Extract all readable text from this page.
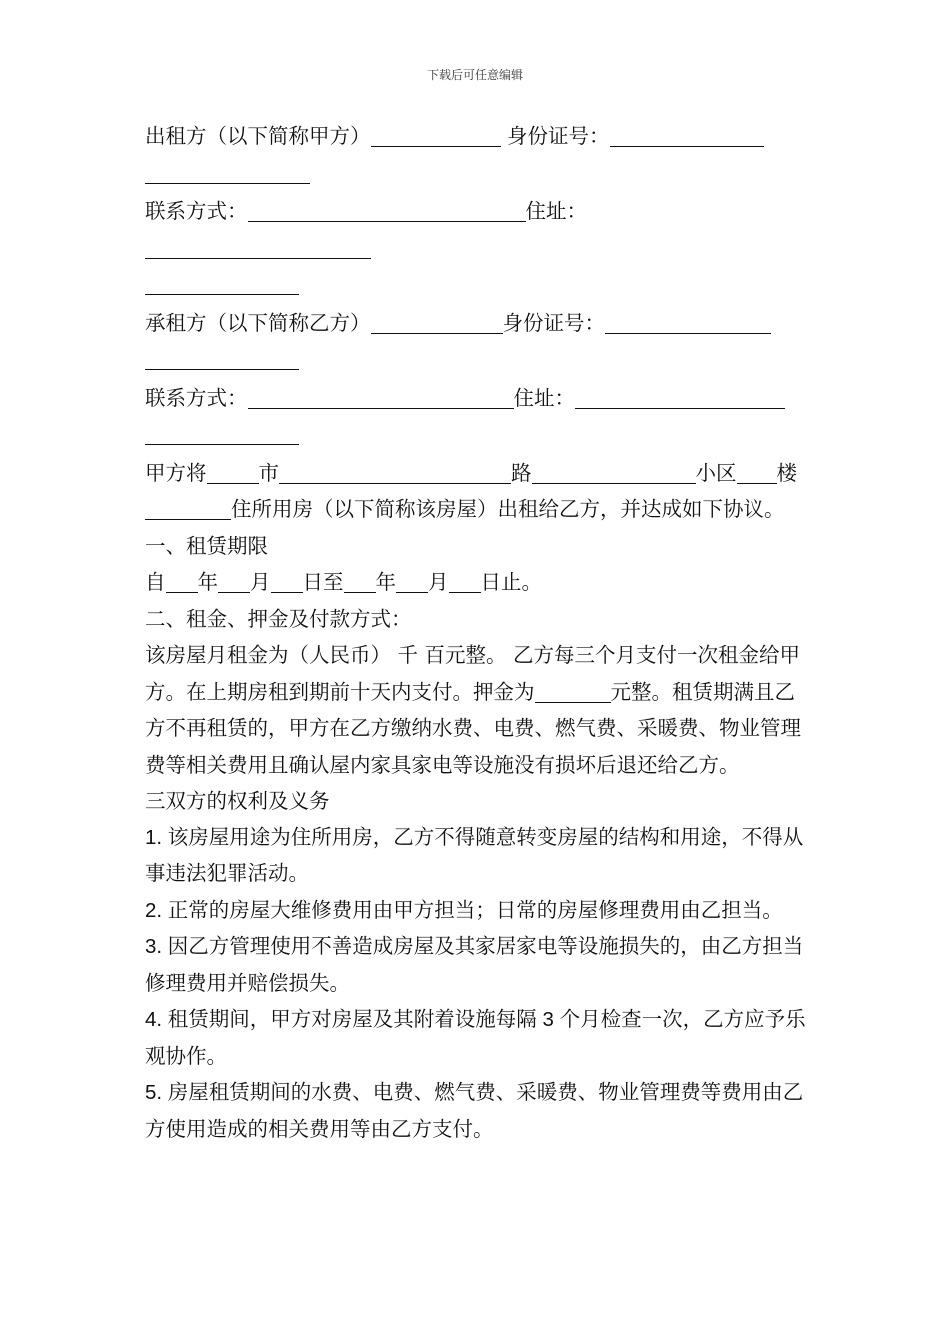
下载后可任意编辑

出租方（以下简称甲方）	身份证号：

联系方式：	住址：

承租方（以下简称乙方）	身份证号：

联系方式：	住址：

甲方将	市	路	小区 楼住所用房（以下简称该房屋）出租给乙方，并达成如下协议。

一、租赁期限

自 年 月 日至 年 月 日止。

二、租金、押金及付款方式：

该房屋月租金为（人民币） 千 百元整。 乙方每三个月支付一次租金给甲方。在上期房租到期前十天内支付。押金为	元整。租赁期满且乙方不再租赁的，甲方在乙方缴纳水费、电费、燃气费、采暖费、物业管理费等相关费用且确认屋内家具家电等设施没有损坏后退还给乙方。

三双方的权利及义务

1. 该房屋用途为住所用房，乙方不得随意转变房屋的结构和用途，不得从事违法犯罪活动。

2. 正常的房屋大维修费用由甲方担当；日常的房屋修理费用由乙担当。

3. 因乙方管理使用不善造成房屋及其家居家电等设施损失的，由乙方担当修理费用并赔偿损失。

4. 租赁期间，甲方对房屋及其附着设施每隔 3 个月检查一次，乙方应予乐观协作。

5. 房屋租赁期间的水费、电费、燃气费、采暖费、物业管理费等费用由乙方使用造成的相关费用等由乙方支付。
